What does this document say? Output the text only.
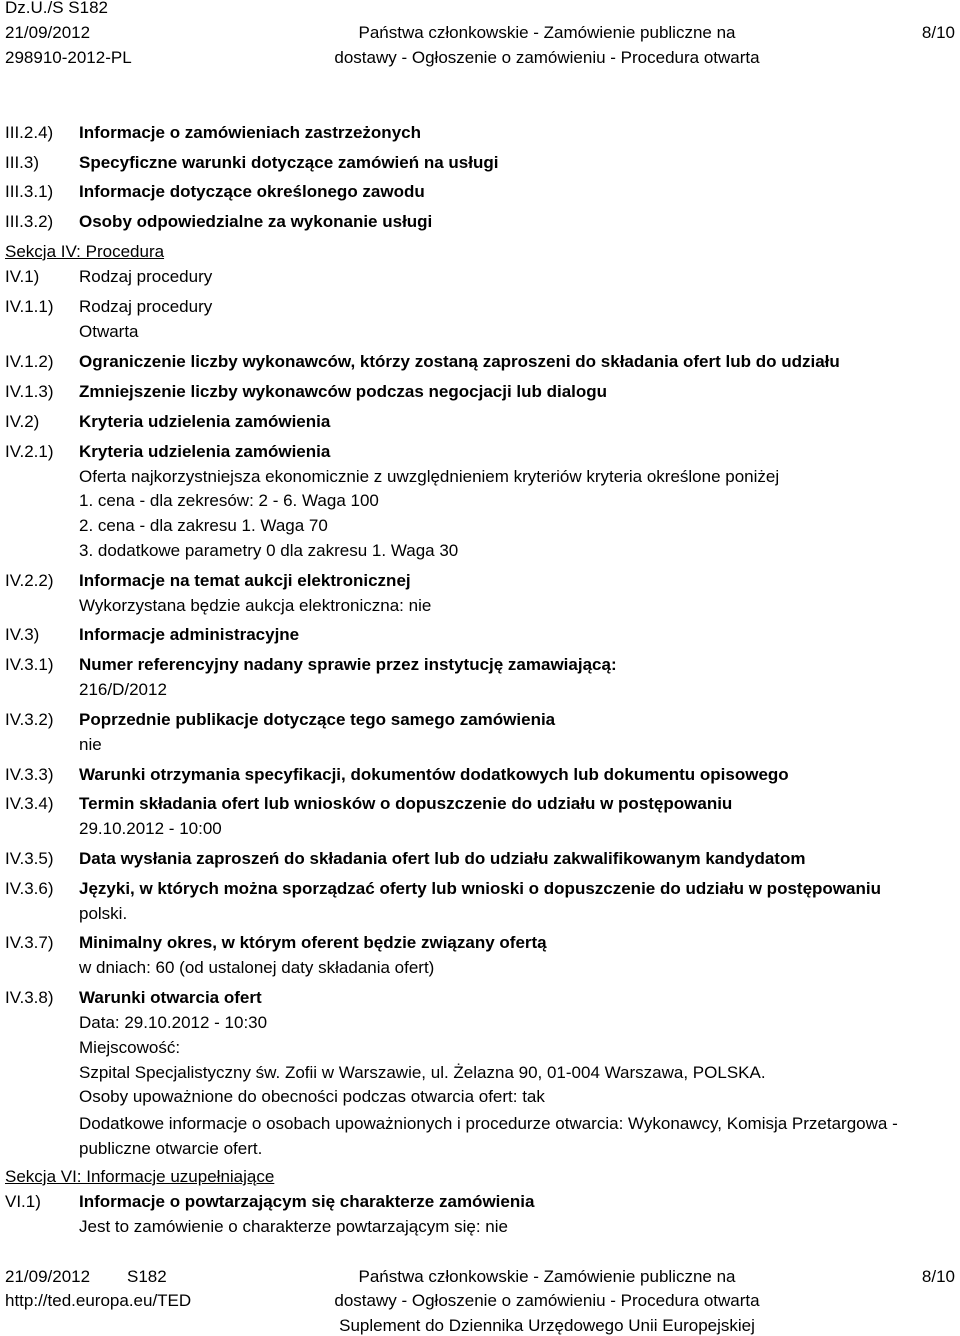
Dz.U./S S182
21/09/2012
298910-2012-PL
Państwa członkowskie - Zamówienie publiczne na
dostawy - Ogłoszenie o zamówieniu - Procedura otwarta
8/10
III.2.4) Informacje o zamówieniach zastrzeżonych
III.3) Specyficzne warunki dotyczące zamówień na usługi
III.3.1) Informacje dotyczące określonego zawodu
III.3.2) Osoby odpowiedzialne za wykonanie usługi
Sekcja IV: Procedura
IV.1) Rodzaj procedury
IV.1.1) Rodzaj procedury
Otwarta
IV.1.2) Ograniczenie liczby wykonawców, którzy zostaną zaproszeni do składania ofert lub do udziału
IV.1.3) Zmniejszenie liczby wykonawców podczas negocjacji lub dialogu
IV.2) Kryteria udzielenia zamówienia
IV.2.1) Kryteria udzielenia zamówienia
Oferta najkorzystniejsza ekonomicznie z uwzględnieniem kryteriów kryteria określone poniżej
1. cena - dla zekresów: 2 - 6. Waga 100
2. cena - dla zakresu 1. Waga 70
3. dodatkowe parametry 0 dla zakresu 1. Waga 30
IV.2.2) Informacje na temat aukcji elektronicznej
Wykorzystana będzie aukcja elektroniczna: nie
IV.3) Informacje administracyjne
IV.3.1) Numer referencyjny nadany sprawie przez instytucję zamawiającą:
216/D/2012
IV.3.2) Poprzednie publikacje dotyczące tego samego zamówienia
nie
IV.3.3) Warunki otrzymania specyfikacji, dokumentów dodatkowych lub dokumentu opisowego
IV.3.4) Termin składania ofert lub wniosków o dopuszczenie do udziału w postępowaniu
29.10.2012 - 10:00
IV.3.5) Data wysłania zaproszeń do składania ofert lub do udziału zakwalifikowanym kandydatom
IV.3.6) Języki, w których można sporządzać oferty lub wnioski o dopuszczenie do udziału w postępowaniu
polski.
IV.3.7) Minimalny okres, w którym oferent będzie związany ofertą
w dniach: 60 (od ustalonej daty składania ofert)
IV.3.8) Warunki otwarcia ofert
Data: 29.10.2012 - 10:30
Miejscowość:
Szpital Specjalistyczny św. Zofii w Warszawie, ul. Żelazna 90, 01-004 Warszawa, POLSKA.
Osoby upoważnione do obecności podczas otwarcia ofert: tak
Dodatkowe informacje o osobach upoważnionych i procedurze otwarcia: Wykonawcy, Komisja Przetargowa - publiczne otwarcie ofert.
Sekcja VI: Informacje uzupełniające
VI.1) Informacje o powtarzającym się charakterze zamówienia
Jest to zamówienie o charakterze powtarzającym się: nie
21/09/2012 S182
http://ted.europa.eu/TED
Państwa członkowskie - Zamówienie publiczne na
dostawy - Ogłoszenie o zamówieniu - Procedura otwarta
Suplement do Dziennika Urzędowego Unii Europejskiej
8/10
